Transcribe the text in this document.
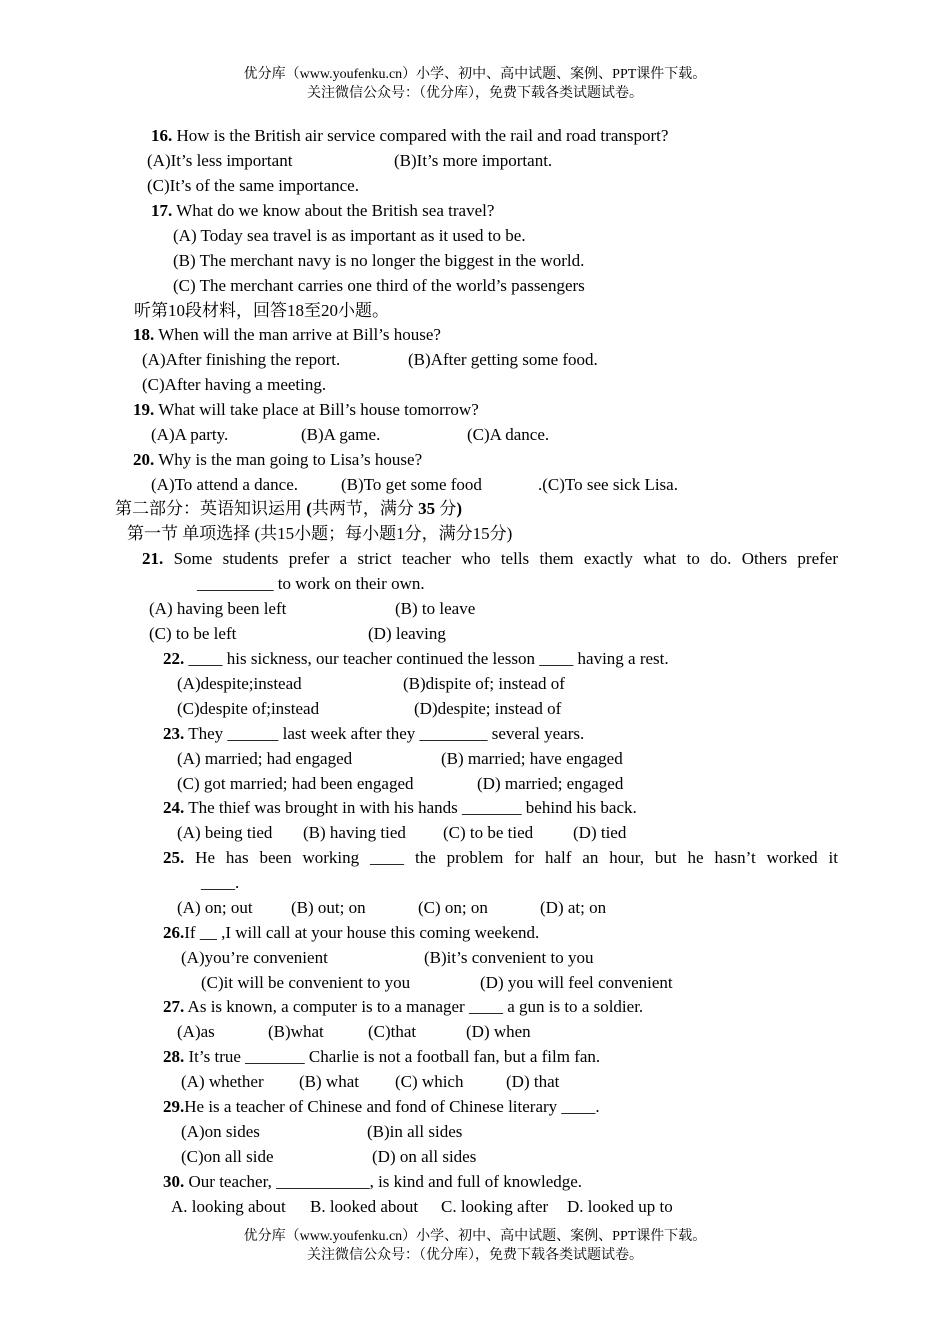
优分库（www.youfenku.cn）小学、初中、高中试题、案例、PPT课件下载。
关注微信公众号：（优分库），免费下载各类试题试卷。
16. How is the British air service compared with the rail and road transport?
(A)It’s less important	(B)It’s more important.
(C)It’s of the same importance.
17. What do we know about the British sea travel?
(A) Today sea travel is as important as it used to be.
(B) The merchant navy is no longer the biggest in the world.
(C) The merchant carries one third of the world’s passengers
听第10段材料，回答18至20小题。
18. When will the man arrive at Bill’s house?
(A)After finishing the report.	(B)After getting some food.
(C)After having a meeting.
19. What will take place at Bill’s house tomorrow?
(A)A party.	(B)A game.	(C)A dance.
20. Why is the man going to Lisa’s house?
(A)To attend a dance.	(B)To get some food	.(C)To see sick Lisa.
第二部分：英语知识运用 (共两节，满分 35 分)
第一节 单项选择 (共15小题；每小题1分，满分15分)
21. Some students prefer a strict teacher who tells them exactly what to do. Others prefer
_________ to work on their own.
(A) having been left	(B) to leave
(C) to be left	(D) leaving
22. ____ his sickness, our teacher continued the lesson ____ having a rest.
(A)despite;instead	(B)dispite of; instead of
(C)despite of;instead	(D)despite; instead of
23. They ______ last week after they ________ several years.
(A) married; had engaged	(B) married; have engaged
(C) got married; had been engaged	(D) married; engaged
24. The thief was brought in with his hands _______ behind his back.
(A) being tied (B) having tied (C) to be tied (D) tied
25. He has been working ____ the problem for half an hour, but he hasn’t worked it
____.
(A) on; out (B) out; on	(C) on; on	(D) at; on
26.If __ ,I will call at your house this coming weekend.
(A)you’re convenient	(B)it’s convenient to you
(C)it will be convenient to you	(D) you will feel convenient
27. As is known, a computer is to a manager ____ a gun is to a soldier.
(A)as	(B)what	(C)that	(D) when
28. It’s true _______ Charlie is not a football fan, but a film fan.
(A) whether (B) what (C) which	(D) that
29.He is a teacher of Chinese and fond of Chinese literary ____.
(A)on sides	(B)in all sides
(C)on all side	(D) on all sides
30. Our teacher, ___________, is kind and full of knowledge.
A. looking about B. looked about C. looking after D. looked up to
优分库（www.youfenku.cn）小学、初中、高中试题、案例、PPT课件下载。
关注微信公众号：（优分库），免费下载各类试题试卷。
